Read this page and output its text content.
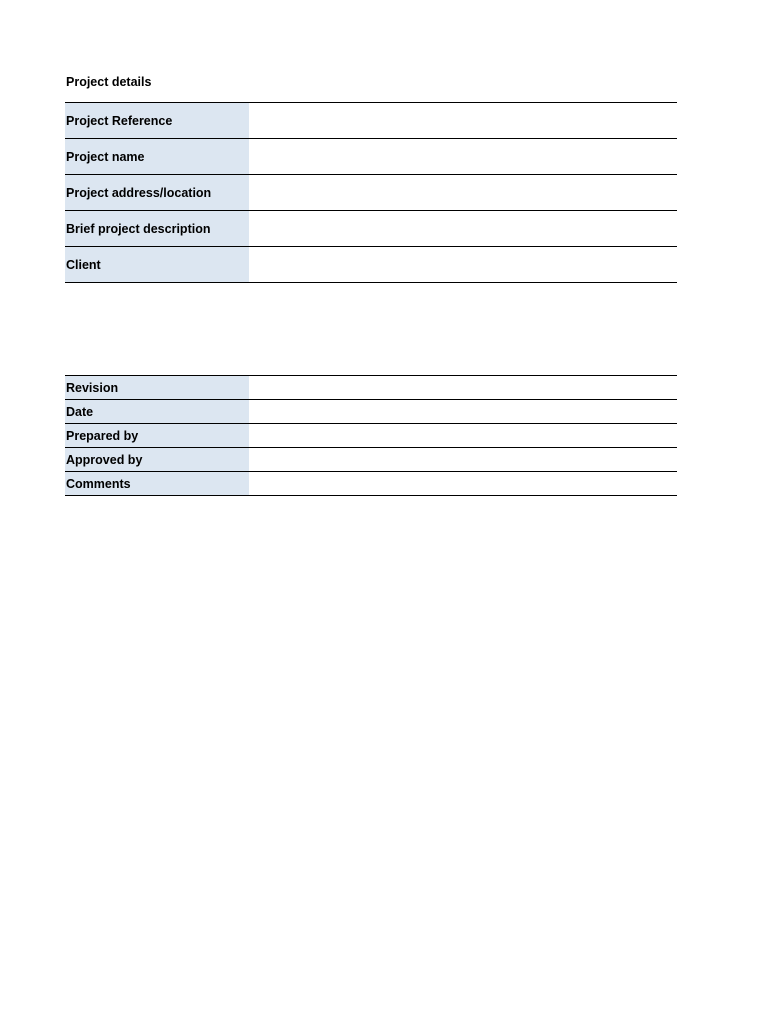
Project details
Project Reference	
Project name	
Project address/location	
Brief project description	
Client	
Revision	
Date	
Prepared by	
Approved by	
Comments	
